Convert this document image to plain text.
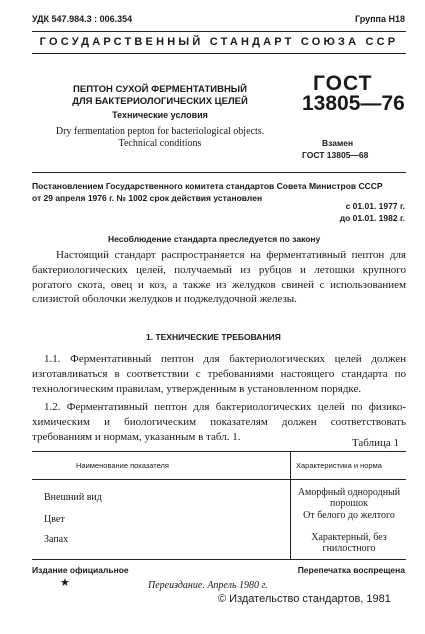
УДК 547.984.3 : 006.354	Группа Н18
ГОСУДАРСТВЕННЫЙ СТАНДАРТ СОЮЗА ССР
ПЕПТОН СУХОЙ ФЕРМЕНТАТИВНЫЙ
ДЛЯ БАКТЕРИОЛОГИЧЕСКИХ ЦЕЛЕЙ
Технические условия
Dry fermentation pepton for bacteriological objects. Technical conditions
ГОСТ
13805—76
Взамен
ГОСТ 13805—68
Постановлением Государственного комитета стандартов Совета Министров СССР
от 29 апреля 1976 г. № 1002 срок действия установлен
с 01.01. 1977 г.
до 01.01. 1982 г.
Несоблюдение стандарта преследуется по закону
Настоящий стандарт распространяется на ферментативный пептон для бактериологических целей, получаемый из рубцов и летошки крупного рогатого скота, овец и коз, а также из желудков свиней с использованием слизистой оболочки желудков и поджелудочной железы.
1. ТЕХНИЧЕСКИЕ ТРЕБОВАНИЯ
1.1. Ферментативный пептон для бактериологических целей должен изготавливаться в соответствии с требованиями настоящего стандарта по технологическим правилам, утвержденным в установленном порядке.
1.2. Ферментативный пептон для бактериологических целей по физико-химическим и биологическим показателям должен соответствовать требованиям и нормам, указанным в табл. 1.
Таблица 1
Наименование показателя	Характеристика и норма
Внешний вид	Аморфный однородный порошок
Цвет	От белого до желтого
Запах	Характерный, без гнилостного
Издание официальное
★
Перепечатка воспрещена
Переиздание. Апрель 1980 г.
© Издательство стандартов, 1981
